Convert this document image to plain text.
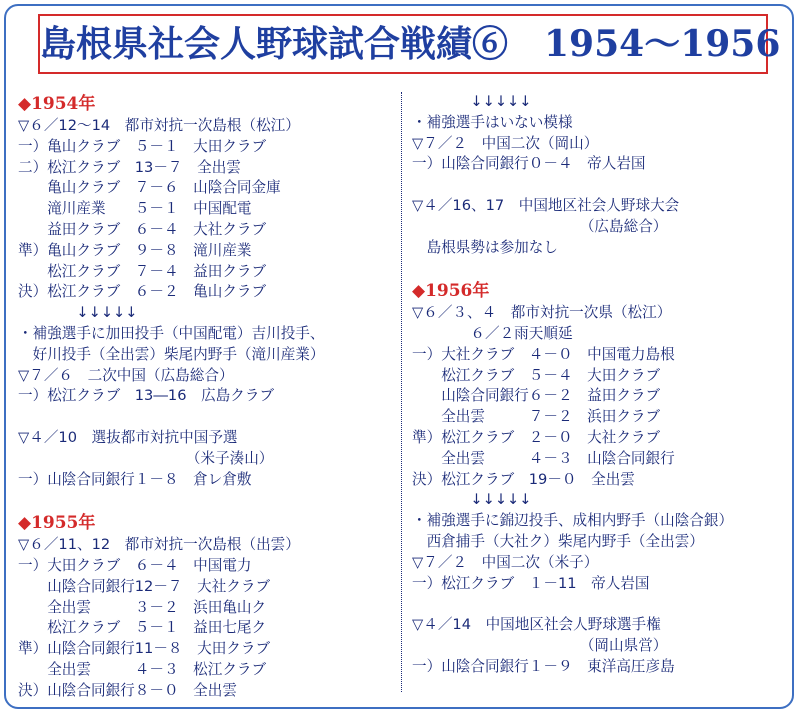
島根県社会人野球試合戦績⑥　1954～1956
◆1954年
▽６／12～14　都市対抗一次島根（松江）
一）亀山クラブ　５－１　大田クラブ
二）松江クラブ　13－７　全出雲
　　亀山クラブ　７－６　山陰合同金庫
　　滝川産業　　５－１　中国配電
　　益田クラブ　６－４　大社クラブ
準）亀山クラブ　９－８　滝川産業
　　松江クラブ　７－４　益田クラブ
決）松江クラブ　６－２　亀山クラブ
　　　　↓↓↓↓↓
・補強選手に加田投手（中国配電）吉川投手、
　好川投手（全出雲）柴尾内野手（滝川産業）
▽７／６　二次中国（広島総合）
一）松江クラブ　13―16　広島クラブ
▽４／10　選抜都市対抗中国予選
　　　　　　　　　　　　（米子湊山）
一）山陰合同銀行１－８　倉レ倉敷
◆1955年
▽６／11、12　都市対抗一次島根（出雲）
一）大田クラブ　６－４　中国電力
　　山陰合同銀行12－７　大社クラブ
　　全出雲　　　３－２　浜田亀山ク
　　松江クラブ　５－１　益田七尾ク
準）山陰合同銀行11－８　大田クラブ
　　全出雲　　　４－３　松江クラブ
決）山陰合同銀行８－０　全出雲
　　　　↓↓↓↓↓
・補強選手はいない模様
▽７／２　中国二次（岡山）
一）山陰合同銀行０－４　帝人岩国
▽４／16、17　中国地区社会人野球大会
　　　　　　　　　　　　（広島総合）
　島根県勢は参加なし
◆1956年
▽６／３、４　都市対抗一次県（松江）
　　　　６／２雨天順延
一）大社クラブ　４－０　中国電力島根
　　松江クラブ　５－４　大田クラブ
　　山陰合同銀行６－２　益田クラブ
　　全出雲　　　７－２　浜田クラブ
準）松江クラブ　２－０　大社クラブ
　　全出雲　　　４－３　山陰合同銀行
決）松江クラブ　19－０　全出雲
　　　　↓↓↓↓↓
・補強選手に錦辺投手、成相内野手（山陰合銀）
　西倉捕手（大社ク）柴尾内野手（全出雲）
▽７／２　中国二次（米子）
一）松江クラブ　１－11　帝人岩国
▽４／14　中国地区社会人野球選手権
　　　　　　　　　　　　（岡山県営）
一）山陰合同銀行１－９　東洋高圧彦島
